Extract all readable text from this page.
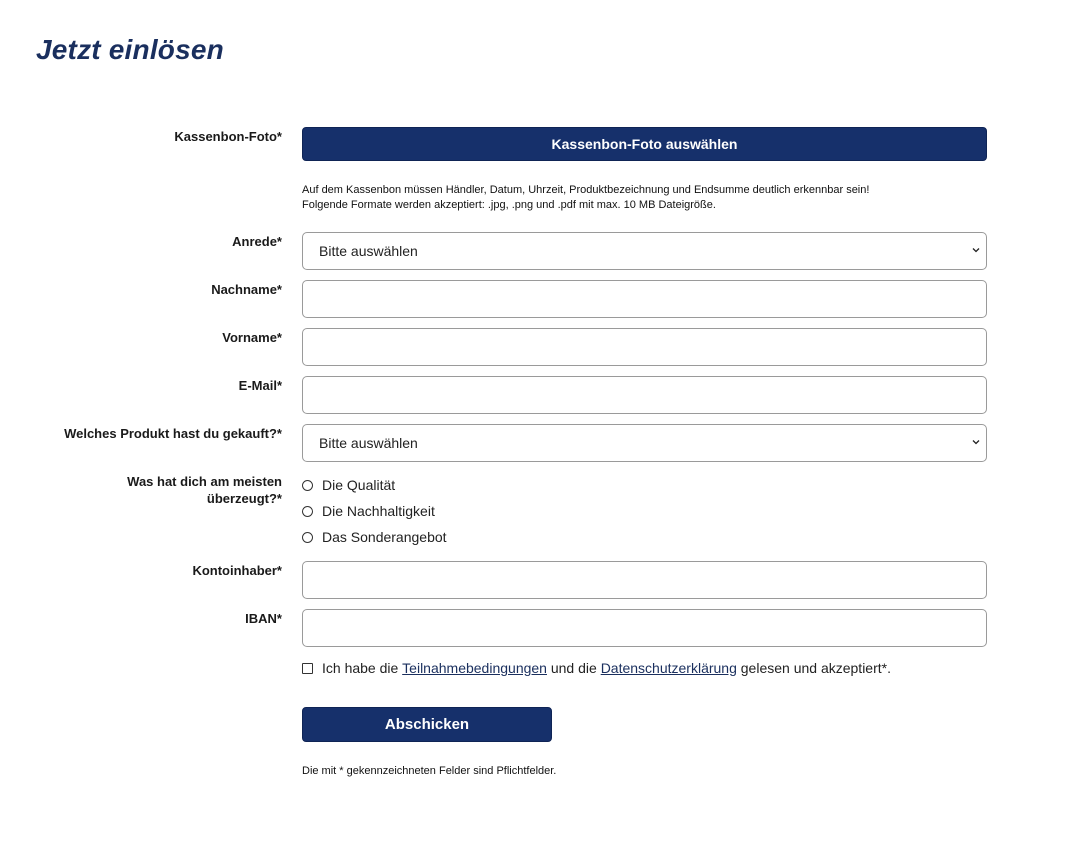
Jetzt einlösen
Kassenbon-Foto*	Kassenbon-Foto auswählen
Auf dem Kassenbon müssen Händler, Datum, Uhrzeit, Produktbezeichnung und Endsumme deutlich erkennbar sein!
Folgende Formate werden akzeptiert: .jpg, .png und .pdf mit max. 10 MB Dateigröße.
Anrede*
Bitte auswählen
Nachname*
Vorname*
E-Mail*
Welches Produkt hast du gekauft?*
Bitte auswählen
Was hat dich am meisten
überzeugt?*
Die Qualität
Die Nachhaltigkeit
Das Sonderangebot
Kontoinhaber*
IBAN*
Ich habe die Teilnahmebedingungen und die Datenschutzerklärung gelesen und akzeptiert*.
Abschicken
Die mit * gekennzeichneten Felder sind Pflichtfelder.
